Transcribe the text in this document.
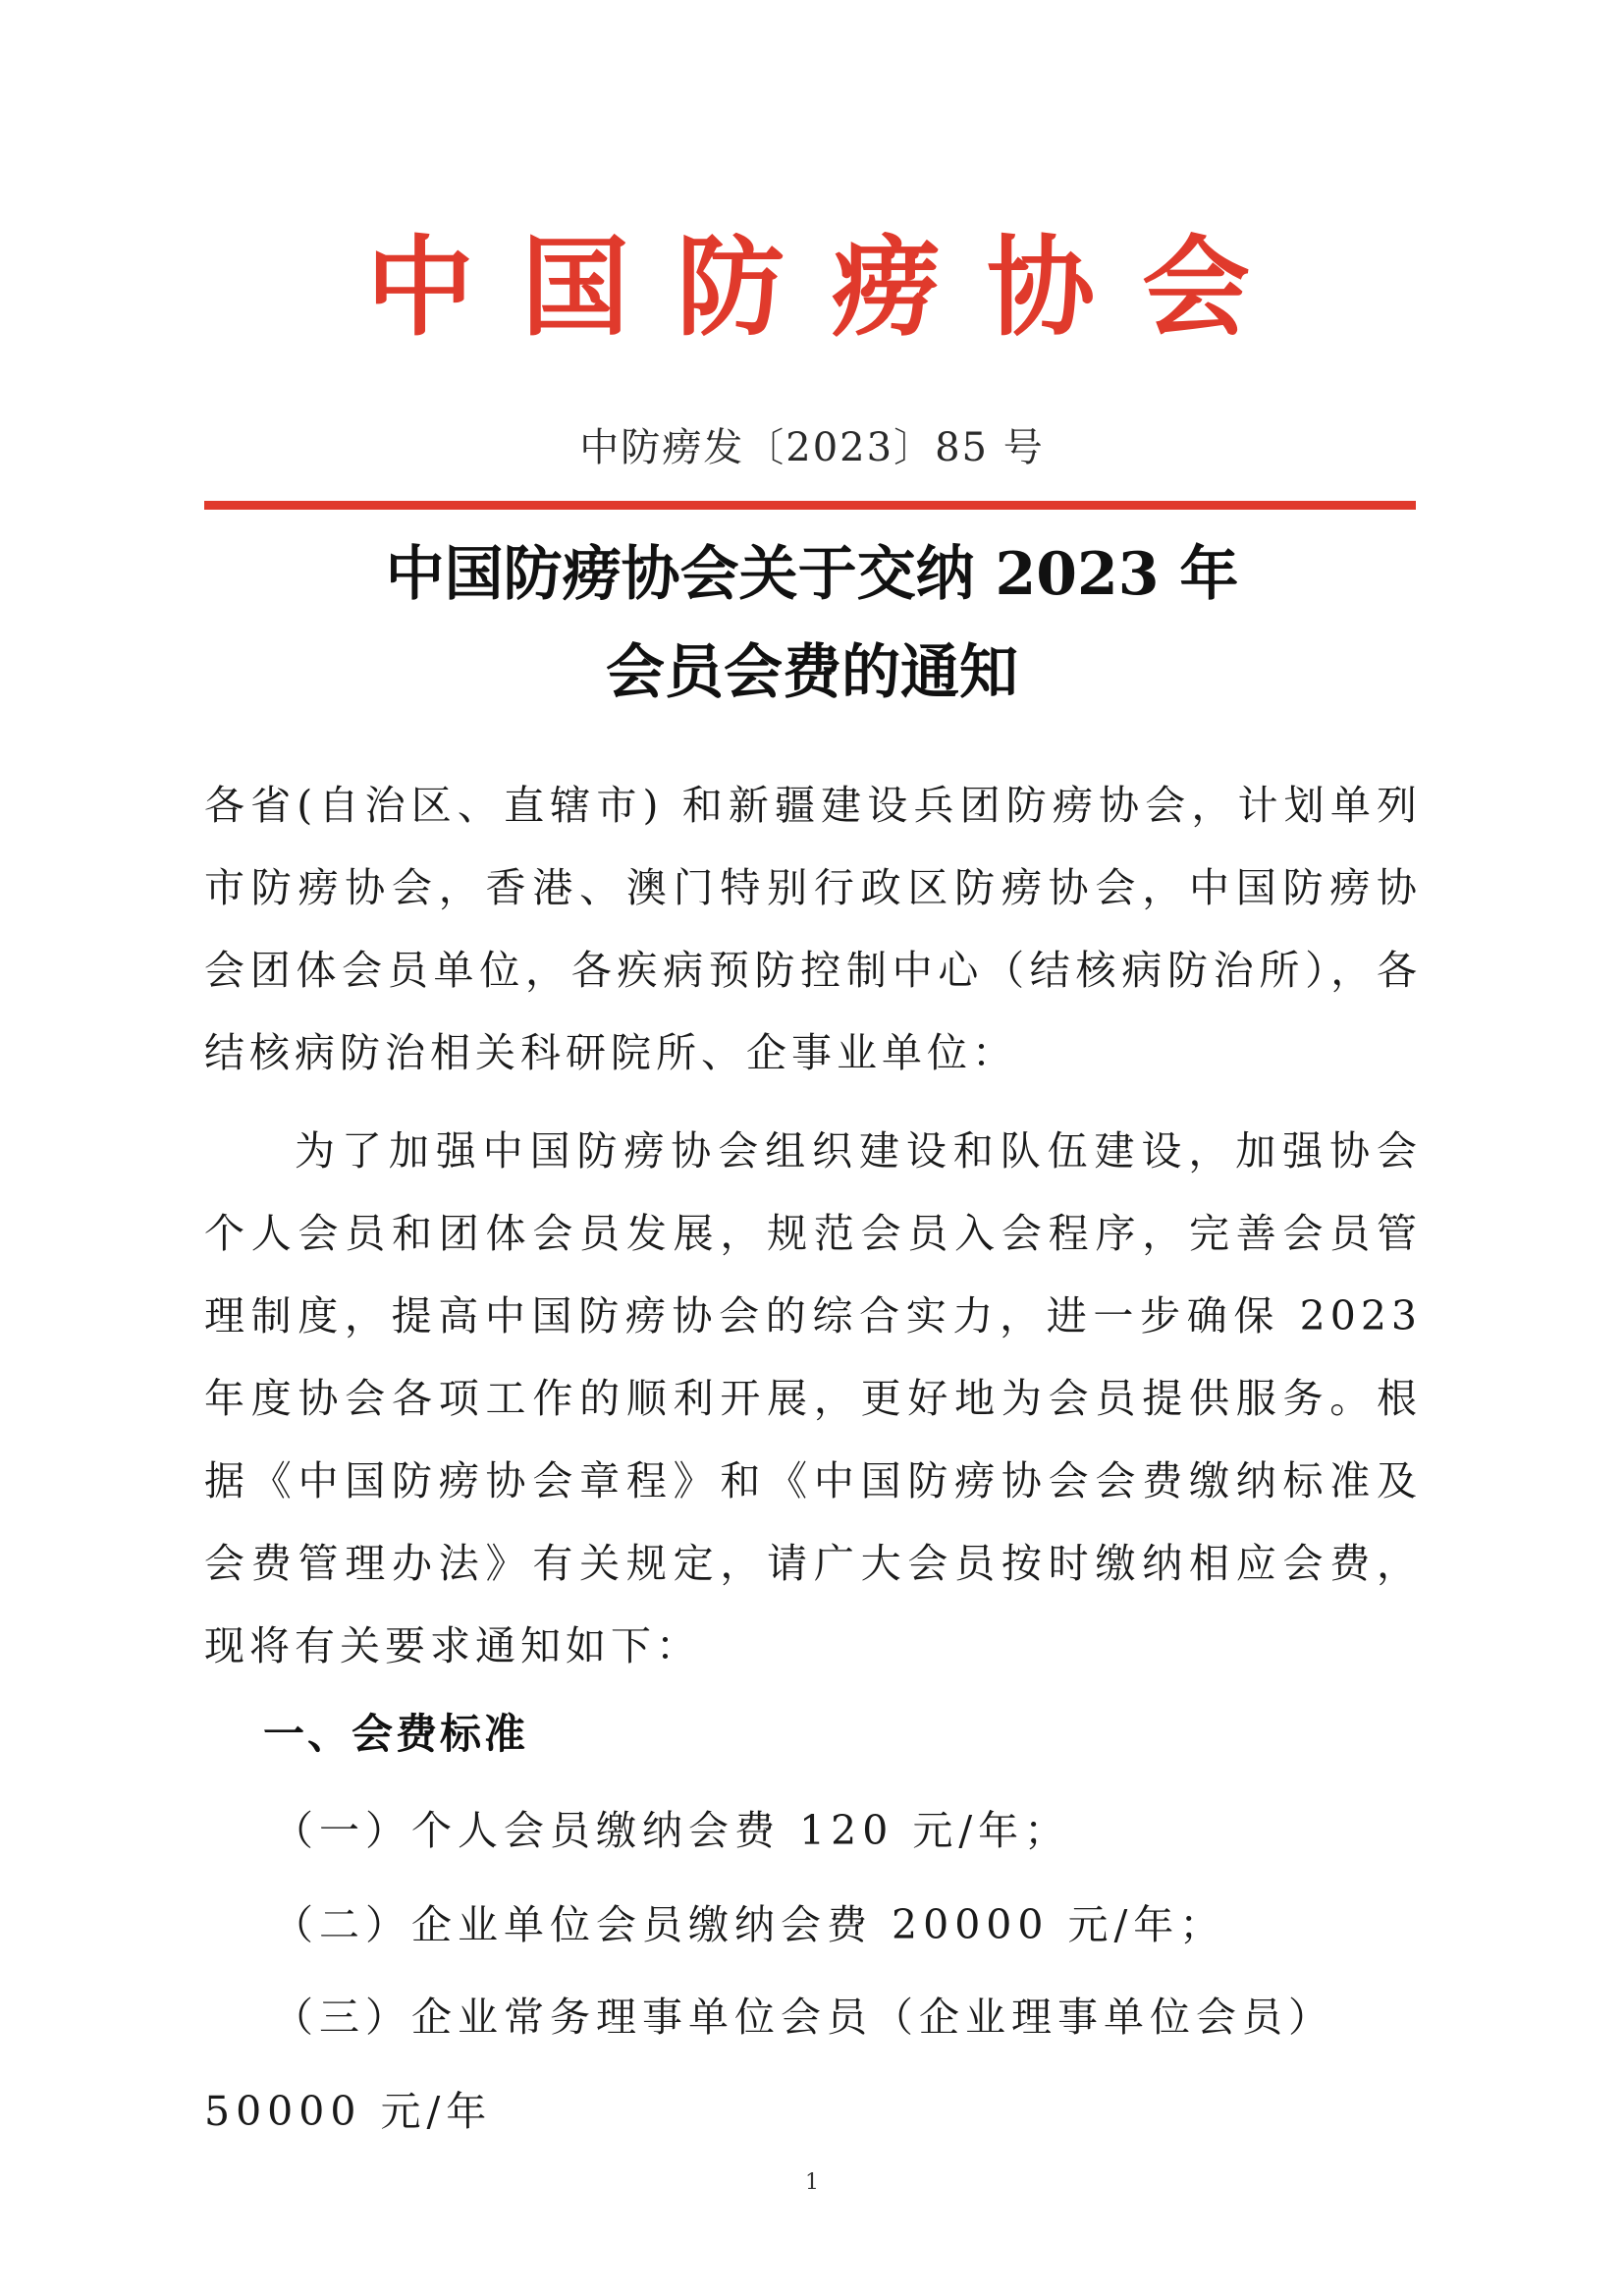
中国防痨协会
中防痨发〔2023〕85 号
中国防痨协会关于交纳 2023 年
会员会费的通知
各省(自治区、直辖市) 和新疆建设兵团防痨协会，计划单列市防痨协会，香港、澳门特别行政区防痨协会，中国防痨协会团体会员单位，各疾病预防控制中心（结核病防治所），各结核病防治相关科研院所、企事业单位：
为了加强中国防痨协会组织建设和队伍建设，加强协会个人会员和团体会员发展，规范会员入会程序，完善会员管理制度，提高中国防痨协会的综合实力，进一步确保 2023 年度协会各项工作的顺利开展，更好地为会员提供服务。根据《中国防痨协会章程》和《中国防痨协会会费缴纳标准及会费管理办法》有关规定，请广大会员按时缴纳相应会费，现将有关要求通知如下：
一、会费标准
（一）个人会员缴纳会费 120 元/年；
（二）企业单位会员缴纳会费 20000 元/年；
（三）企业常务理事单位会员（企业理事单位会员）50000 元/年
1
